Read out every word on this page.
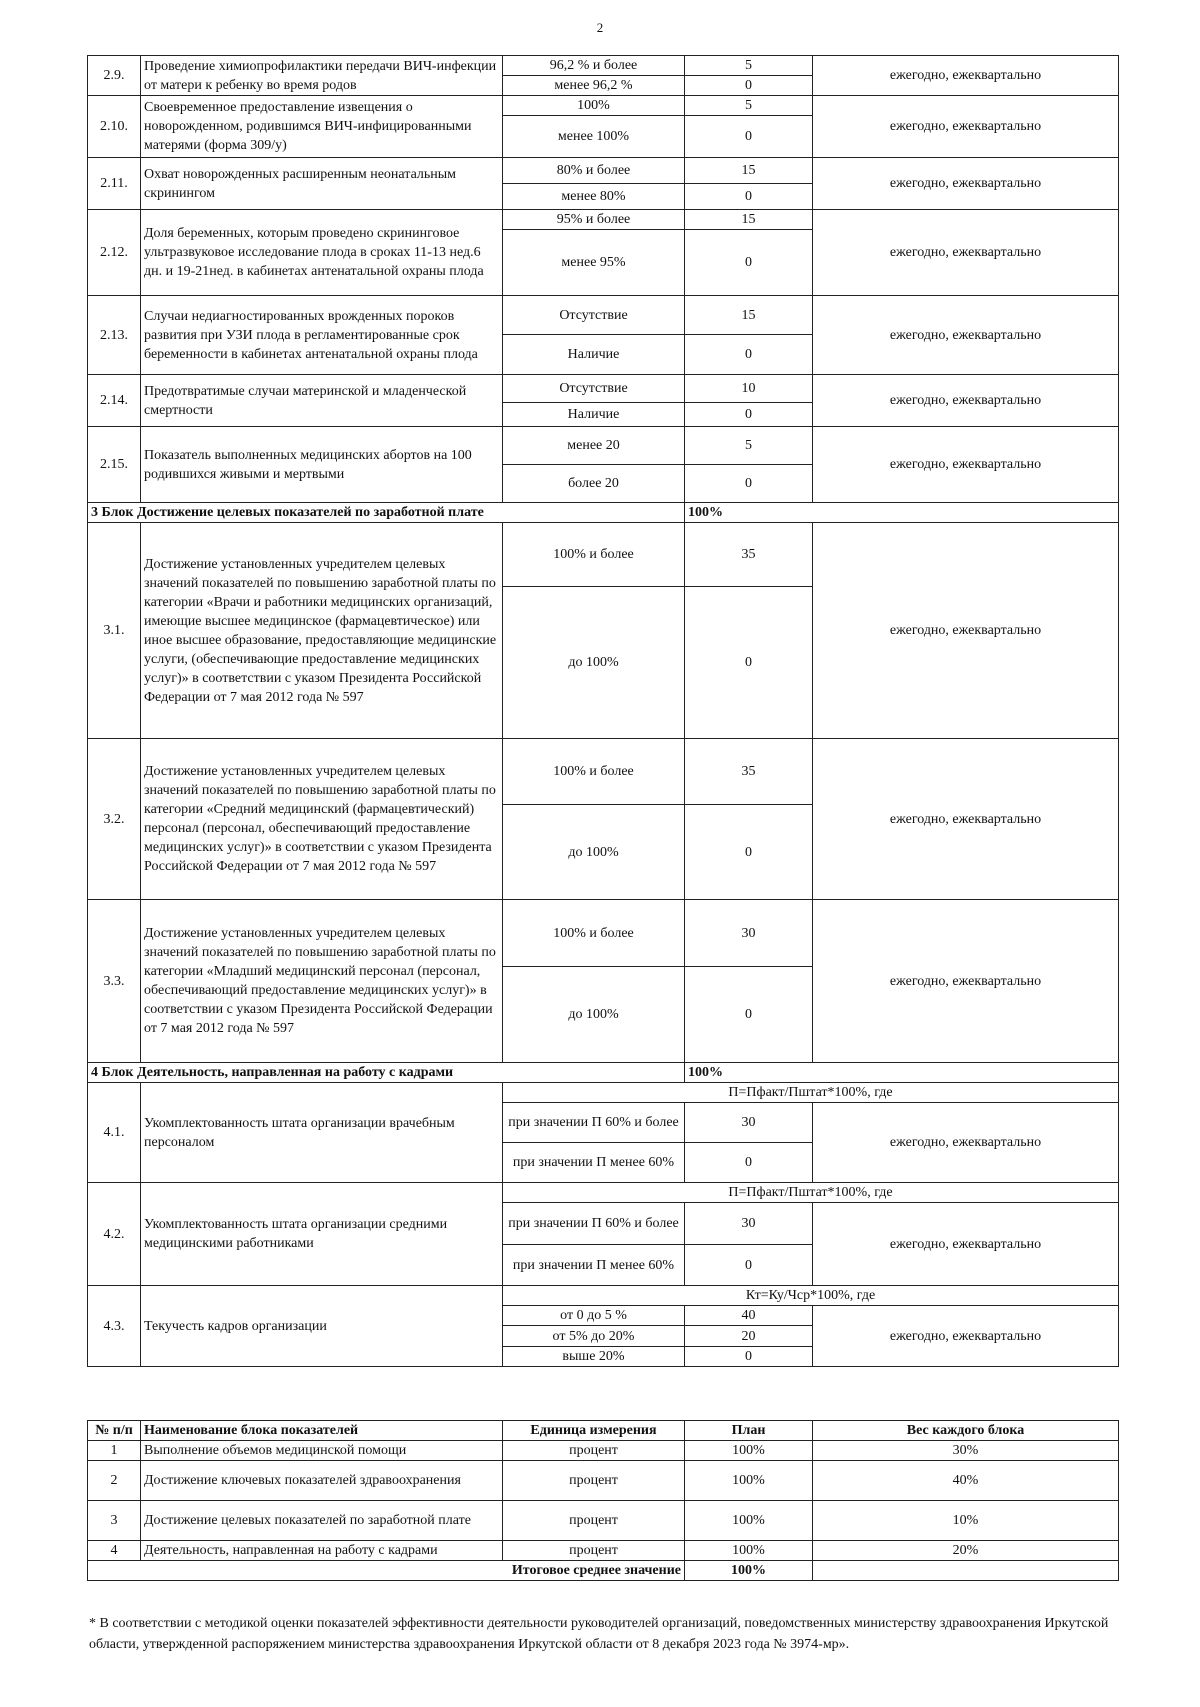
2
2.9.	Проведение химиопрофилактики передачи ВИЧ-инфекции от матери к ребенку во время родов	96,2 % и более	5	ежегодно, ежеквартально
		менее 96,2 %	0	
2.10.	Своевременное предоставление извещения о новорожденном, родившимся ВИЧ-инфицированными матерями (форма 309/у)	100%	5	ежегодно, ежеквартально
		менее 100%	0	
2.11.	Охват новорожденных расширенным неонатальным скринингом	80% и более	15	ежегодно, ежеквартально
		менее 80%	0	
2.12.	Доля беременных, которым проведено скрининговое ультразвуковое исследование плода в сроках 11-13 нед.6 дн. и 19-21нед. в кабинетах антенатальной охраны плода	95% и более	15	ежегодно, ежеквартально
		менее 95%	0	
2.13.	Случаи недиагностированных врожденных пороков развития при УЗИ плода в регламентированные срок беременности в кабинетах антенатальной охраны плода	Отсутствие	15	ежегодно, ежеквартально
		Наличие	0	
2.14.	Предотвратимые случаи материнской и младенческой смертности	Отсутствие	10	ежегодно, ежеквартально
		Наличие	0	
2.15.	Показатель выполненных медицинских абортов на 100 родившихся живыми и мертвыми	менее 20	5	ежегодно, ежеквартально
		более 20	0	
3 Блок Достижение целевых показателей по заработной плате			100%	
3.1.	Достижение установленных учредителем целевых значений показателей по повышению заработной платы по категории «Врачи и работники медицинских организаций, имеющие высшее медицинское (фармацевтическое) или иное высшее образование, предоставляющие медицинские услуги, (обеспечивающие предоставление медицинских услуг)» в соответствии с указом Президента Российской Федерации от 7 мая 2012 года № 597	100% и более	35	ежегодно, ежеквартально
		до 100%	0	
3.2.	Достижение установленных учредителем целевых значений показателей по повышению заработной платы по категории «Средний медицинский (фармацевтический) персонал (персонал, обеспечивающий предоставление медицинских услуг)» в соответствии с указом Президента Российской Федерации от 7 мая 2012 года № 597	100% и более	35	ежегодно, ежеквартально
		до 100%	0	
3.3.	Достижение установленных учредителем целевых значений показателей по повышению заработной платы по категории «Младший медицинский персонал (персонал, обеспечивающий предоставление медицинских услуг)» в соответствии с указом Президента Российской Федерации от 7 мая 2012 года № 597	100% и более	30	ежегодно, ежеквартально
		до 100%	0	
4 Блок Деятельность, направленная на работу с кадрами			100%	
4.1.	Укомплектованность штата организации врачебным персоналом	П=Пфакт/Пштат*100%, где		
		при значении П 60% и более	30	ежегодно, ежеквартально
		при значении П менее 60%	0	
4.2.	Укомплектованность штата организации средними медицинскими работниками	П=Пфакт/Пштат*100%, где		
		при значении П 60% и более	30	ежегодно, ежеквартально
		при значении П менее 60%	0	
4.3.	Текучесть кадров организации	Кт=Ку/Чср*100%, где		
		от 0 до 5 %	40	ежегодно, ежеквартально
		от 5% до 20%	20	
		выше 20%	0	
№ п/п	Наименование блока показателей	Единица измерения	План	Вес каждого блока
1	Выполнение объемов медицинской помощи	процент	100%	30%
2	Достижение ключевых показателей здравоохранения	процент	100%	40%
3	Достижение целевых показателей по заработной плате	процент	100%	10%
4	Деятельность, направленная на работу с кадрами	процент	100%	20%
Итоговое среднее значение			100%	
* В соответствии с методикой оценки показателей эффективности деятельности руководителей организаций, поведомственных министерству здравоохранения Иркутской области, утвержденной распоряжением министерства здравоохранения Иркутской области от 8 декабря 2023 года № 3974-мр».
